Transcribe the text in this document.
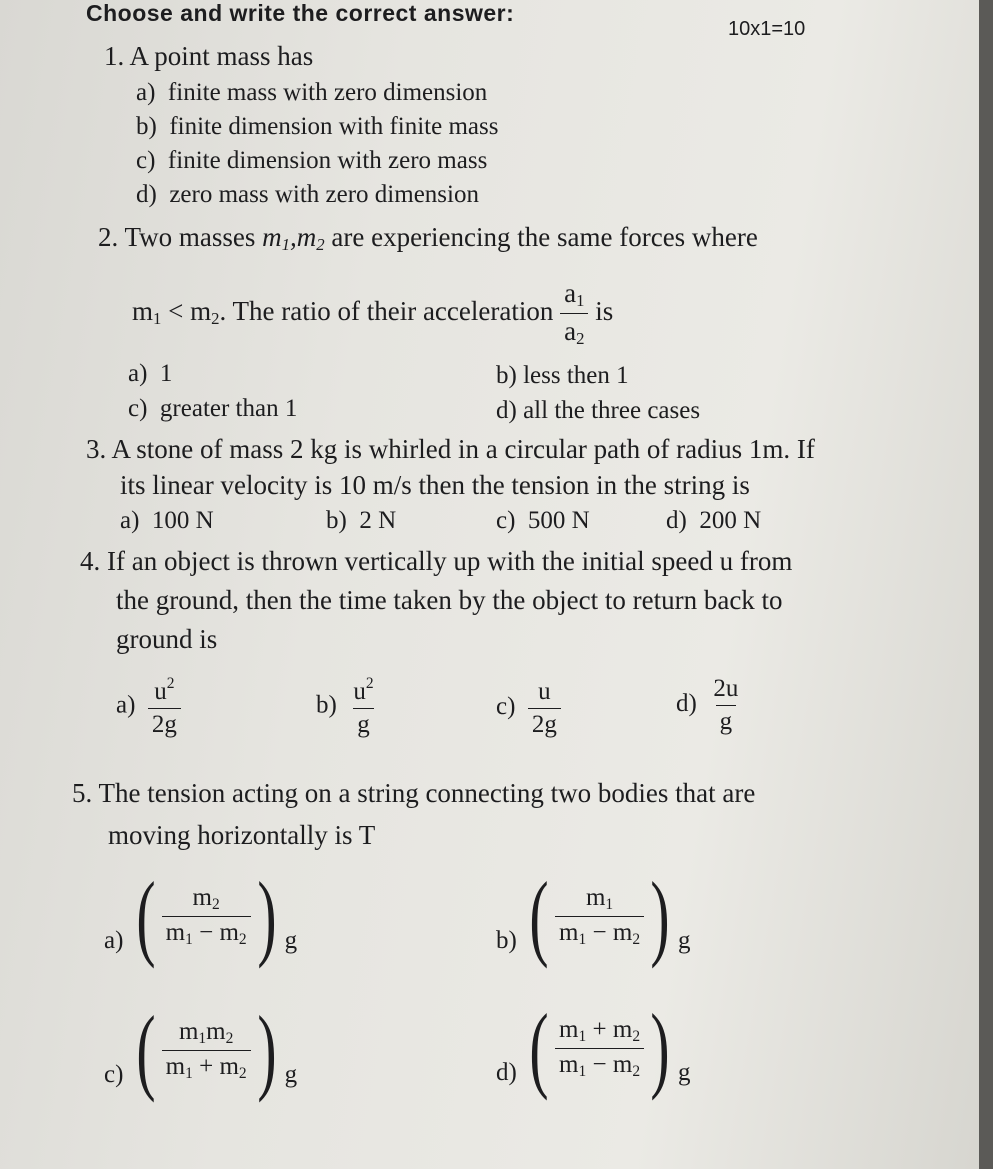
Choose and write the correct answer:
10x1=10
1. A point mass has
a) finite mass with zero dimension
b) finite dimension with finite mass
c) finite dimension with zero mass
d) zero mass with zero dimension
2. Two masses $m_1,m_2$ are experiencing the same forces where
$m_1 < m_2$. The ratio of their acceleration $\frac{a_1}{a_2}$ is
a) 1	b) less then 1
c) greater than 1	d) all the three cases
3. A stone of mass 2 kg is whirled in a circular path of radius 1m. If
its linear velocity is 10 m/s then the tension in the string is
a) 100 N	b) 2 N	c) 500 N	d) 200 N
4. If an object is thrown vertically up with the initial speed u from
the ground, then the time taken by the object to return back to
ground is
$a) \frac{u^2}{2g}$	$b) \frac{u^2}{g}$	$c) \frac{u}{2g}$	$d) \frac{2u}{g}$
5. The tension acting on a string connecting two bodies that are
moving horizontally is T
a) ( $\frac{m_2}{m_1 - m_2}$ ) g	b) ( $\frac{m_1}{m_1 - m_2}$ ) g
c) ( $\frac{m_1m_2}{m_1 + m_2}$ ) g	d) ( $\frac{m_1 + m_2}{m_1 - m_2}$ ) g
